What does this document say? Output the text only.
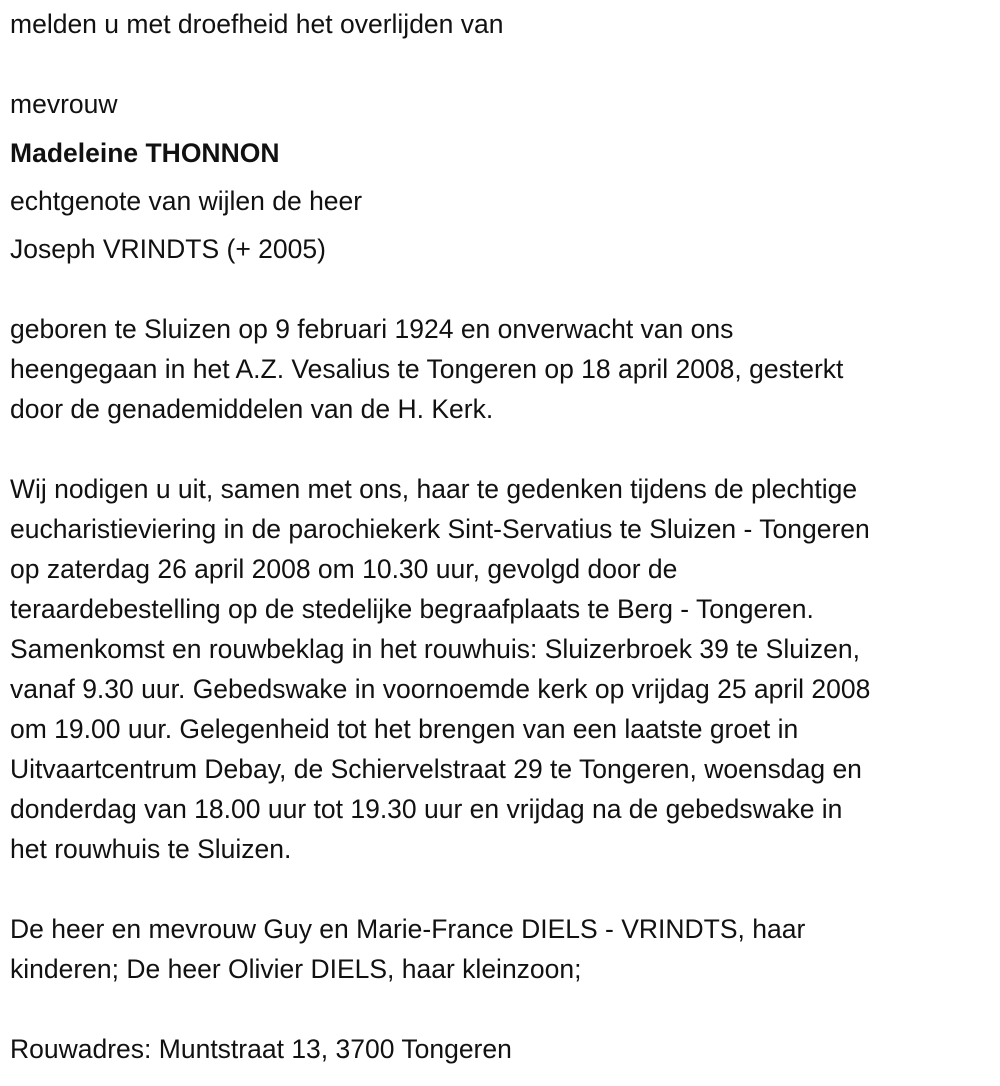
melden u met droefheid het overlijden van
mevrouw
Madeleine THONNON
echtgenote van wijlen de heer
Joseph VRINDTS (+ 2005)
geboren te Sluizen op 9 februari 1924 en onverwacht van ons
heengegaan in het A.Z. Vesalius te Tongeren op 18 april 2008, gesterkt
door de genademiddelen van de H. Kerk.
Wij nodigen u uit, samen met ons, haar te gedenken tijdens de plechtige
eucharistieviering in de parochiekerk Sint-Servatius te Sluizen - Tongeren
op zaterdag 26 april 2008 om 10.30 uur, gevolgd door de
teraardebestelling op de stedelijke begraafplaats te Berg - Tongeren.
Samenkomst en rouwbeklag in het rouwhuis: Sluizerbroek 39 te Sluizen,
vanaf 9.30 uur. Gebedswake in voornoemde kerk op vrijdag 25 april 2008
om 19.00 uur. Gelegenheid tot het brengen van een laatste groet in
Uitvaartcentrum Debay, de Schiervelstraat 29 te Tongeren, woensdag en
donderdag van 18.00 uur tot 19.30 uur en vrijdag na de gebedswake in
het rouwhuis te Sluizen.
De heer en mevrouw Guy en Marie-France DIELS - VRINDTS, haar
kinderen; De heer Olivier DIELS, haar kleinzoon;
Rouwadres: Muntstraat 13, 3700 Tongeren
